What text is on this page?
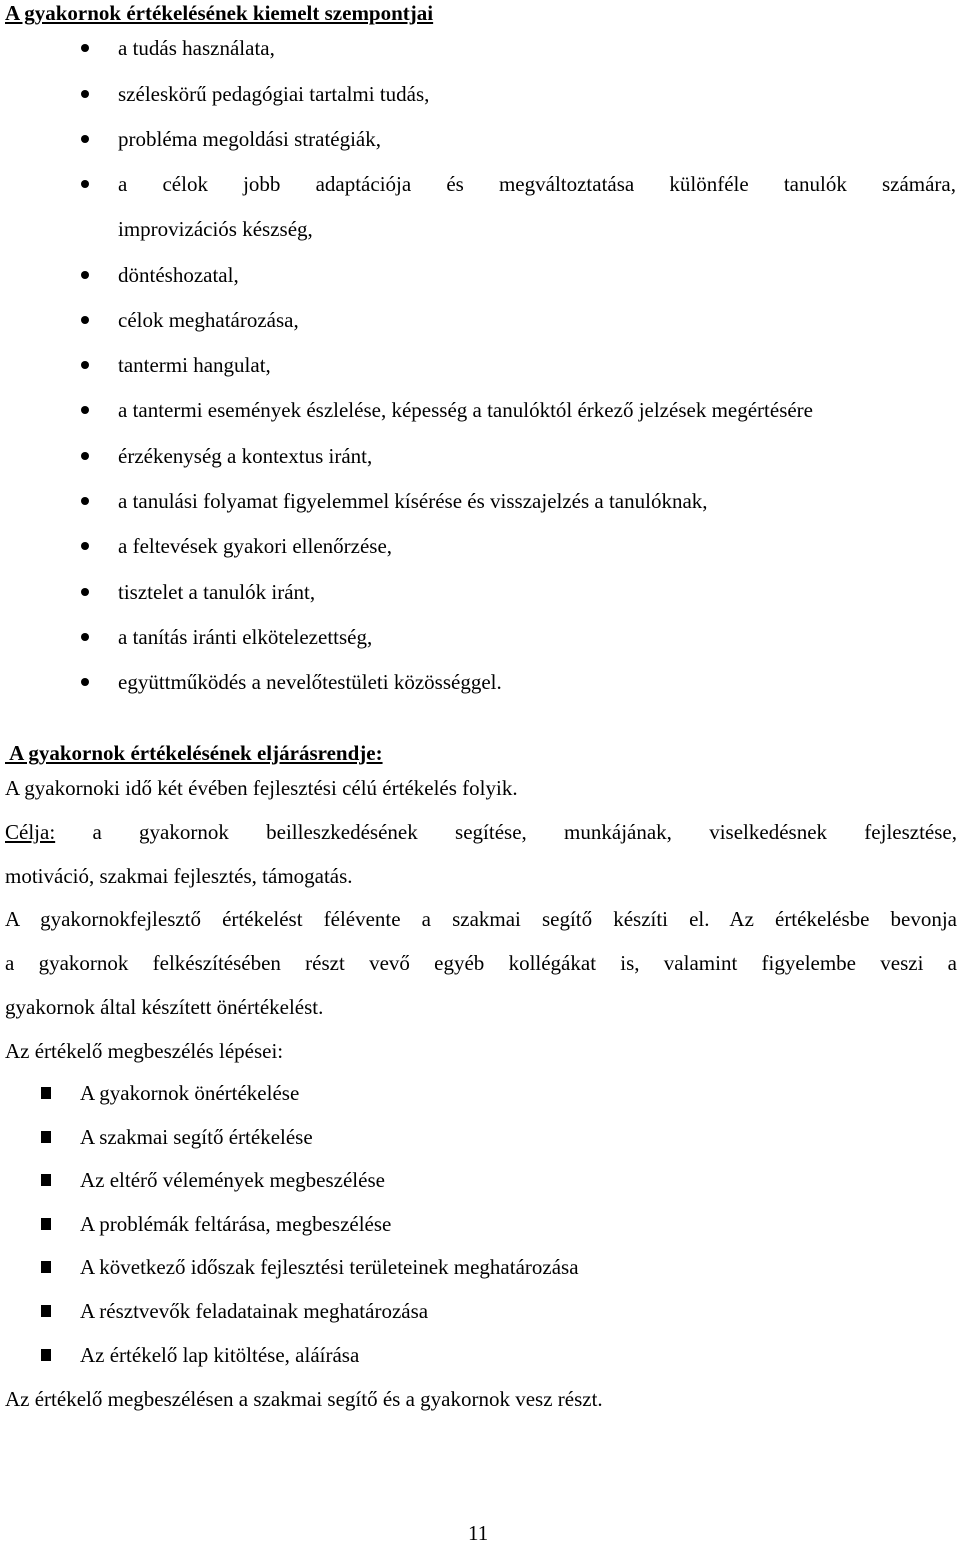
A gyakornok értékelésének kiemelt szempontjai
a tudás használata,
széleskörű pedagógiai tartalmi tudás,
probléma megoldási stratégiák,
a célok jobb adaptációja és megváltoztatása különféle tanulók számára,
improvizációs készség,
döntéshozatal,
célok meghatározása,
tantermi hangulat,
a tantermi események észlelése, képesség a tanulóktól érkező jelzések megértésére
érzékenység a kontextus iránt,
a tanulási folyamat figyelemmel kísérése és visszajelzés a tanulóknak,
a feltevések gyakori ellenőrzése,
tisztelet a tanulók iránt,
a tanítás iránti elkötelezettség,
együttműködés a nevelőtestületi közösséggel.
A gyakornok értékelésének eljárásrendje:
A gyakornoki idő két évében fejlesztési célú értékelés folyik.
Célja: a gyakornok beilleszkedésének segítése, munkájának, viselkedésnek fejlesztése,
motiváció, szakmai fejlesztés, támogatás.
A gyakornokfejlesztő értékelést félévente a szakmai segítő készíti el. Az értékelésbe bevonja
a gyakornok felkészítésében részt vevő egyéb kollégákat is, valamint figyelembe veszi a
gyakornok által készített önértékelést.
Az értékelő megbeszélés lépései:
A gyakornok önértékelése
A szakmai segítő értékelése
Az eltérő vélemények megbeszélése
A problémák feltárása, megbeszélése
A következő időszak fejlesztési területeinek meghatározása
A résztvevők feladatainak meghatározása
Az értékelő lap kitöltése, aláírása
Az értékelő megbeszélésen a szakmai segítő és a gyakornok vesz részt.
11
